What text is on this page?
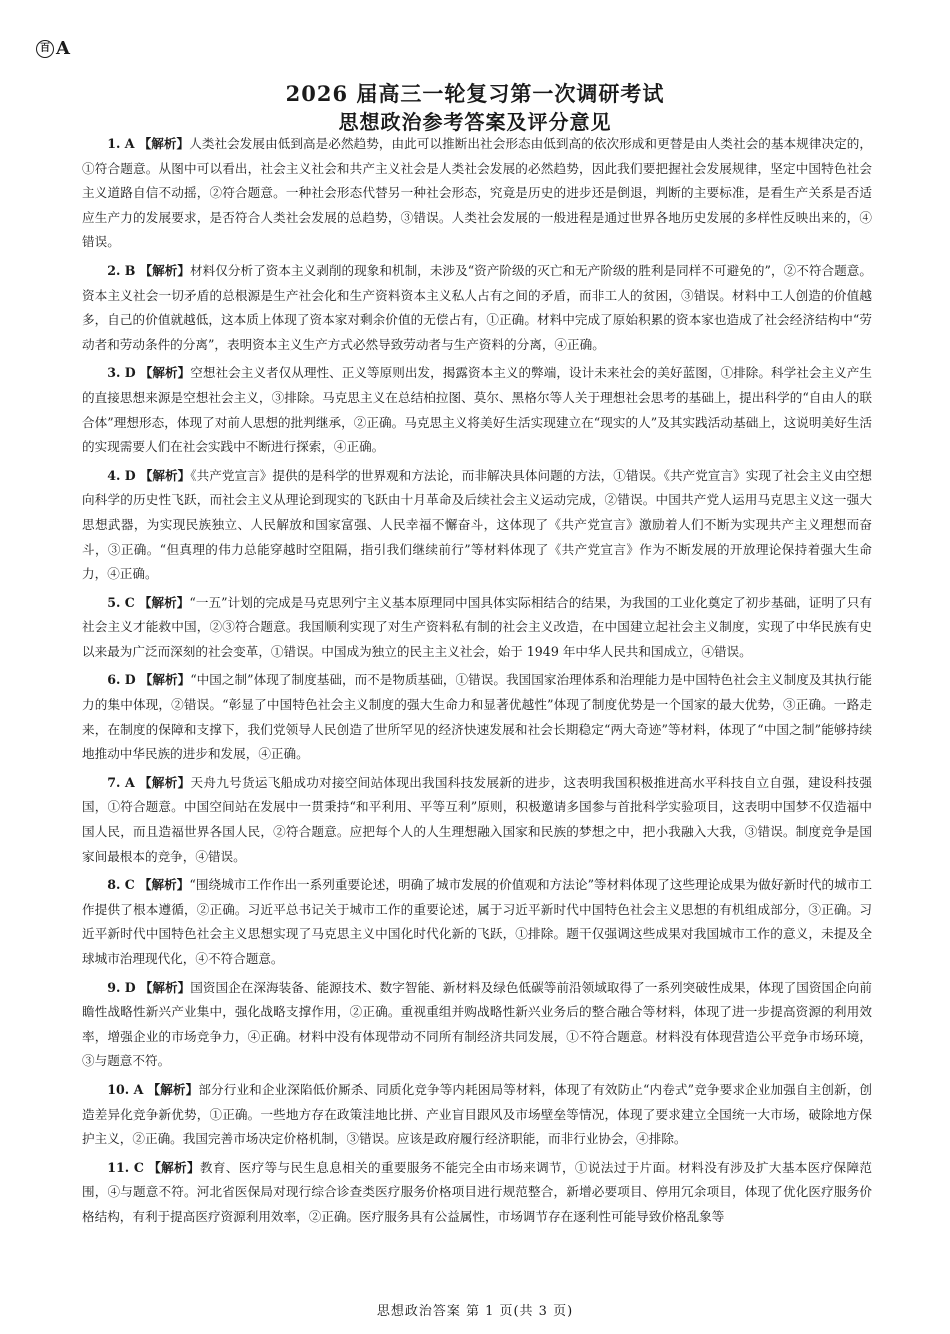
百 A
2026 届高三一轮复习第一次调研考试
思想政治参考答案及评分意见

1. A 【解析】人类社会发展由低到高是必然趋势，由此可以推断出社会形态由低到高的依次形成和更替是由人类社会的基本规律决定的，①符合题意。从图中可以看出，社会主义社会和共产主义社会是人类社会发展的必然趋势，因此我们要把握社会发展规律，坚定中国特色社会主义道路自信不动摇，②符合题意。一种社会形态代替另一种社会形态，究竟是历史的进步还是倒退，判断的主要标准，是看生产关系是否适应生产力的发展要求，是否符合人类社会发展的总趋势，③错误。人类社会发展的一般进程是通过世界各地历史发展的多样性反映出来的，④错误。

2. B 【解析】材料仅分析了资本主义剥削的现象和机制，未涉及“资产阶级的灭亡和无产阶级的胜利是同样不可避免的”，②不符合题意。资本主义社会一切矛盾的总根源是生产社会化和生产资料资本主义私人占有之间的矛盾，而非工人的贫困，③错误。材料中工人创造的价值越多，自己的价值就越低，这本质上体现了资本家对剩余价值的无偿占有，①正确。材料中完成了原始积累的资本家也造成了社会经济结构中“劳动者和劳动条件的分离”，表明资本主义生产方式必然导致劳动者与生产资料的分离，④正确。

3. D 【解析】空想社会主义者仅从理性、正义等原则出发，揭露资本主义的弊端，设计未来社会的美好蓝图，①排除。科学社会主义产生的直接思想来源是空想社会主义，③排除。马克思主义在总结柏拉图、莫尔、黑格尔等人关于理想社会思考的基础上，提出科学的“自由人的联合体”理想形态，体现了对前人思想的批判继承，②正确。马克思主义将美好生活实现建立在“现实的人”及其实践活动基础上，这说明美好生活的实现需要人们在社会实践中不断进行探索，④正确。

4. D 【解析】《共产党宣言》提供的是科学的世界观和方法论，而非解决具体问题的方法，①错误。《共产党宣言》实现了社会主义由空想向科学的历史性飞跃，而社会主义从理论到现实的飞跃由十月革命及后续社会主义运动完成，②错误。中国共产党人运用马克思主义这一强大思想武器，为实现民族独立、人民解放和国家富强、人民幸福不懈奋斗，这体现了《共产党宣言》激励着人们不断为实现共产主义理想而奋斗，③正确。“但真理的伟力总能穿越时空阻隔，指引我们继续前行”等材料体现了《共产党宣言》作为不断发展的开放理论保持着强大生命力，④正确。

5. C 【解析】“一五”计划的完成是马克思列宁主义基本原理同中国具体实际相结合的结果，为我国的工业化奠定了初步基础，证明了只有社会主义才能救中国，②③符合题意。我国顺利实现了对生产资料私有制的社会主义改造，在中国建立起社会主义制度，实现了中华民族有史以来最为广泛而深刻的社会变革，①错误。中国成为独立的民主主义社会，始于 1949 年中华人民共和国成立，④错误。

6. D 【解析】“中国之制”体现了制度基础，而不是物质基础，①错误。我国国家治理体系和治理能力是中国特色社会主义制度及其执行能力的集中体现，②错误。“彰显了中国特色社会主义制度的强大生命力和显著优越性”体现了制度优势是一个国家的最大优势，③正确。一路走来，在制度的保障和支撑下，我们党领导人民创造了世所罕见的经济快速发展和社会长期稳定“两大奇迹”等材料，体现了“中国之制”能够持续地推动中华民族的进步和发展，④正确。

7. A 【解析】天舟九号货运飞船成功对接空间站体现出我国科技发展新的进步，这表明我国积极推进高水平科技自立自强，建设科技强国，①符合题意。中国空间站在发展中一贯秉持“和平利用、平等互利”原则，积极邀请多国参与首批科学实验项目，这表明中国梦不仅造福中国人民，而且造福世界各国人民，②符合题意。应把每个人的人生理想融入国家和民族的梦想之中，把小我融入大我，③错误。制度竞争是国家间最根本的竞争，④错误。

8. C 【解析】“围绕城市工作作出一系列重要论述，明确了城市发展的价值观和方法论”等材料体现了这些理论成果为做好新时代的城市工作提供了根本遵循，②正确。习近平总书记关于城市工作的重要论述，属于习近平新时代中国特色社会主义思想的有机组成部分，③正确。习近平新时代中国特色社会主义思想实现了马克思主义中国化时代化新的飞跃，①排除。题干仅强调这些成果对我国城市工作的意义，未提及全球城市治理现代化，④不符合题意。

9. D 【解析】国资国企在深海装备、能源技术、数字智能、新材料及绿色低碳等前沿领域取得了一系列突破性成果，体现了国资国企向前瞻性战略性新兴产业集中，强化战略支撑作用，②正确。重视重组并购战略性新兴业务后的整合融合等材料，体现了进一步提高资源的利用效率，增强企业的市场竞争力，④正确。材料中没有体现带动不同所有制经济共同发展，①不符合题意。材料没有体现营造公平竞争市场环境，③与题意不符。

10. A 【解析】部分行业和企业深陷低价厮杀、同质化竞争等内耗困局等材料，体现了有效防止“内卷式”竞争要求企业加强自主创新，创造差异化竞争新优势，①正确。一些地方存在政策洼地比拼、产业盲目跟风及市场壁垒等情况，体现了要求建立全国统一大市场，破除地方保护主义，②正确。我国完善市场决定价格机制，③错误。应该是政府履行经济职能，而非行业协会，④排除。

11. C 【解析】教育、医疗等与民生息息相关的重要服务不能完全由市场来调节，①说法过于片面。材料没有涉及扩大基本医疗保障范围，④与题意不符。河北省医保局对现行综合诊查类医疗服务价格项目进行规范整合，新增必要项目、停用冗余项目，体现了优化医疗服务价格结构，有利于提高医疗资源利用效率，②正确。医疗服务具有公益属性，市场调节存在逐利性可能导致价格乱象等

思想政治答案 第 1 页(共 3 页)
